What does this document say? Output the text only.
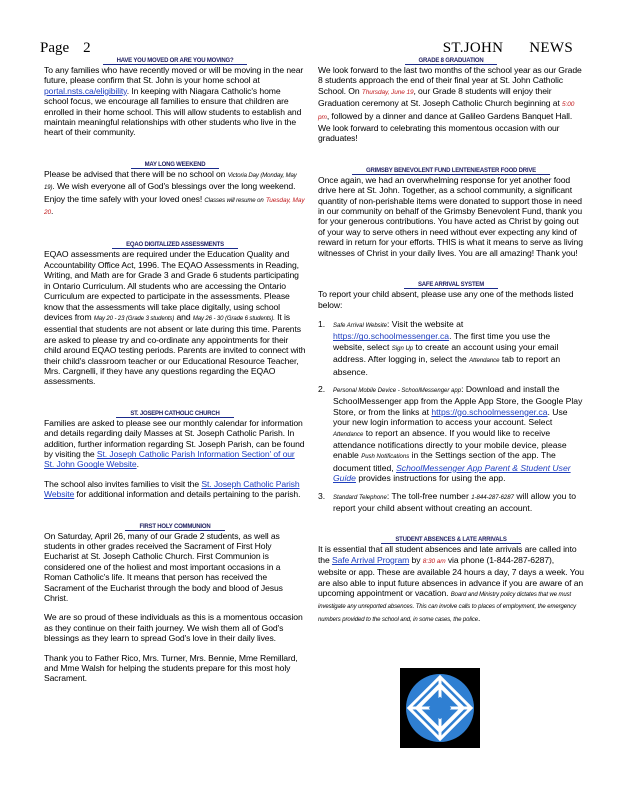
Page 2	ST.JOHN NEWS
HAVE YOU MOVED OR ARE YOU MOVING?

To any families who have recently moved or will be moving in the near future, please confirm that St. John is your home school at portal.nsts.ca/eligibility. In keeping with Niagara Catholic's home school focus, we encourage all families to ensure that children are enrolled in their home school. This will allow students to establish and maintain meaningful relationships with other students who live in the heart of their community.

MAY LONG WEEKEND

Please be advised that there will be no school on Victoria Day (Monday, May 19). We wish everyone all of God's blessings over the long weekend. Enjoy the time safely with your loved ones! Classes will resume on Tuesday, May 20.

EQAO DIGITALIZED ASSESSMENTS

EQAO assessments are required under the Education Quality and Accountability Office Act, 1996. The EQAO Assessments in Reading, Writing, and Math are for Grade 3 and Grade 6 students participating in Ontario Curriculum. All students who are accessing the Ontario Curriculum are expected to participate in the assessments. Please know that the assessments will take place digitally, using school devices from May 20 - 23 (Grade 3 students) and May 26 - 30 (Grade 6 students). It is essential that students are not absent or late during this time. Parents are asked to please try and co-ordinate any appointments for their child around EQAO testing periods. Parents are invited to connect with their child's classroom teacher or our Educational Resource Teacher, Mrs. Cargnelli, if they have any questions regarding the EQAO assessments.

ST. JOSEPH CATHOLIC CHURCH

Families are asked to please see our monthly calendar for information and details regarding daily Masses at St. Joseph Catholic Parish. In addition, further information regarding St. Joseph Parish, can be found by visiting the St. Joseph Catholic Parish Information Section' of our St. John Google Website.

The school also invites families to visit the St. Joseph Catholic Parish Website for additional information and details pertaining to the parish.

FIRST HOLY COMMUNION

On Saturday, April 26, many of our Grade 2 students, as well as students in other grades received the Sacrament of First Holy Eucharist at St. Joseph Catholic Church. First Communion is considered one of the holiest and most important occasions in a Roman Catholic's life. It means that person has received the Sacrament of the Eucharist through the body and blood of Jesus Christ.

We are so proud of these individuals as this is a momentous occasion as they continue on their faith journey. We wish them all of God's blessings as they learn to spread God's love in their daily lives.

Thank you to Father Rico, Mrs. Turner, Mrs. Bennie, Mme Remillard, and Mme Walsh for helping the students prepare for this most holy Sacrament.

GRADE 8 GRADUATION

We look forward to the last two months of the school year as our Grade 8 students approach the end of their final year at St. John Catholic School. On Thursday, June 19, our Grade 8 students will enjoy their Graduation ceremony at St. Joseph Catholic Church beginning at 5:00 pm, followed by a dinner and dance at Galileo Gardens Banquet Hall. We look forward to celebrating this momentous occasion with our graduates!

GRIMSBY BENEVOLENT FUND LENTEN/EASTER FOOD DRIVE

Once again, we had an overwhelming response for yet another food drive here at St. John. Together, as a school community, a significant quantity of non-perishable items were donated to support those in need in our community on behalf of the Grimsby Benevolent Fund, thank you for your generous contributions. You have acted as Christ by going out of your way to serve others in need without ever expecting any kind of reward in return for your efforts. THIS is what it means to serve as living witnesses of Christ in your daily lives. You are all amazing! Thank you!

SAFE ARRIVAL SYSTEM

To report your child absent, please use any one of the methods listed below:

1. Safe Arrival Website: Visit the website at https://go.schoolmessenger.ca. The first time you use the website, select Sign Up to create an account using your email address. After logging in, select the Attendance tab to report an absence.
2. Personal Mobile Device - SchoolMessenger app: Download and install the SchoolMessenger app from the Apple App Store, the Google Play Store, or from the links at https://go.schoolmessenger.ca. Use your new login information to access your account. Select Attendance to report an absence. If you would like to receive attendance notifications directly to your mobile device, please enable Push Notifications in the Settings section of the app. The document titled, SchoolMessenger App Parent & Student User Guide provides instructions for using the app.
3. Standard Telephone: The toll-free number 1-844-287-6287 will allow you to report your child absent without creating an account.
STUDENT ABSENCES & LATE ARRIVALS

It is essential that all student absences and late arrivals are called into the Safe Arrival Program by 8:30 am via phone (1-844-287-6287), website or app. These are available 24 hours a day, 7 days a week. You are also able to input future absences in advance if you are aware of an upcoming appointment or vacation. Board and Ministry policy dictates that we must investigate any unreported absences. This can involve calls to places of employment, the emergency numbers provided to the school and, in some cases, the police.
